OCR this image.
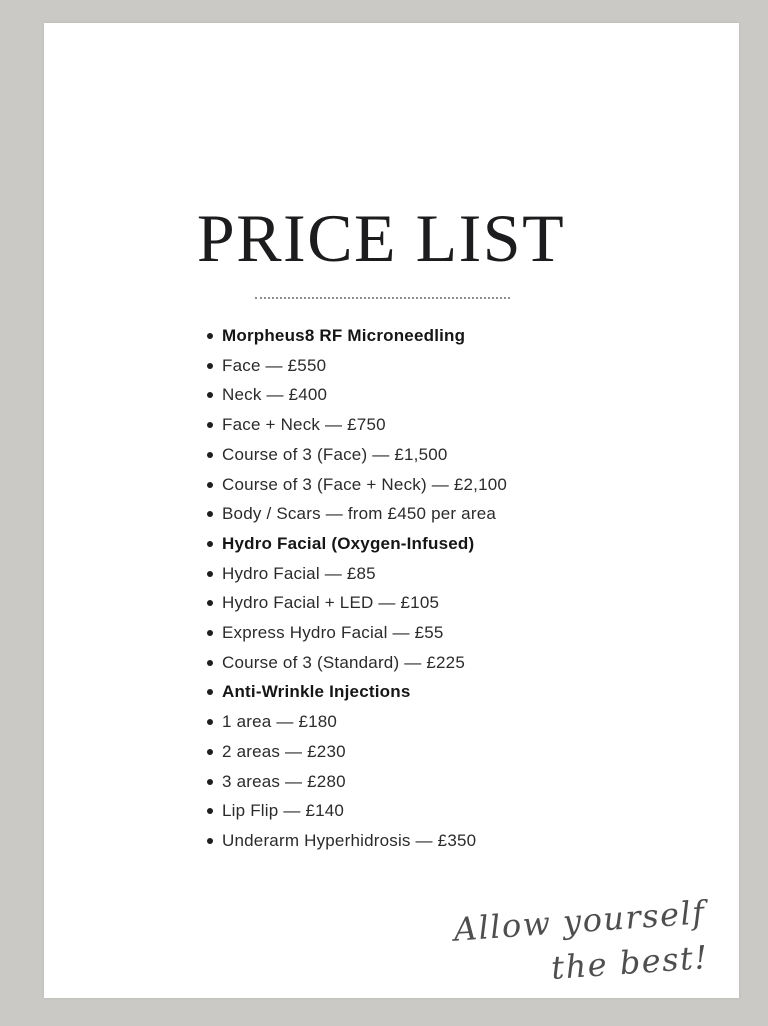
PRICE LIST
Morpheus8 RF Microneedling
Face — £550
Neck — £400
Face + Neck — £750
Course of 3 (Face) — £1,500
Course of 3 (Face + Neck) — £2,100
Body / Scars — from £450 per area
Hydro Facial (Oxygen-Infused)
Hydro Facial — £85
Hydro Facial + LED — £105
Express Hydro Facial — £55
Course of 3 (Standard) — £225
Anti-Wrinkle Injections
1 area — £180
2 areas — £230
3 areas — £280
Lip Flip — £140
Underarm Hyperhidrosis — £350
Allow yourself
the best!
